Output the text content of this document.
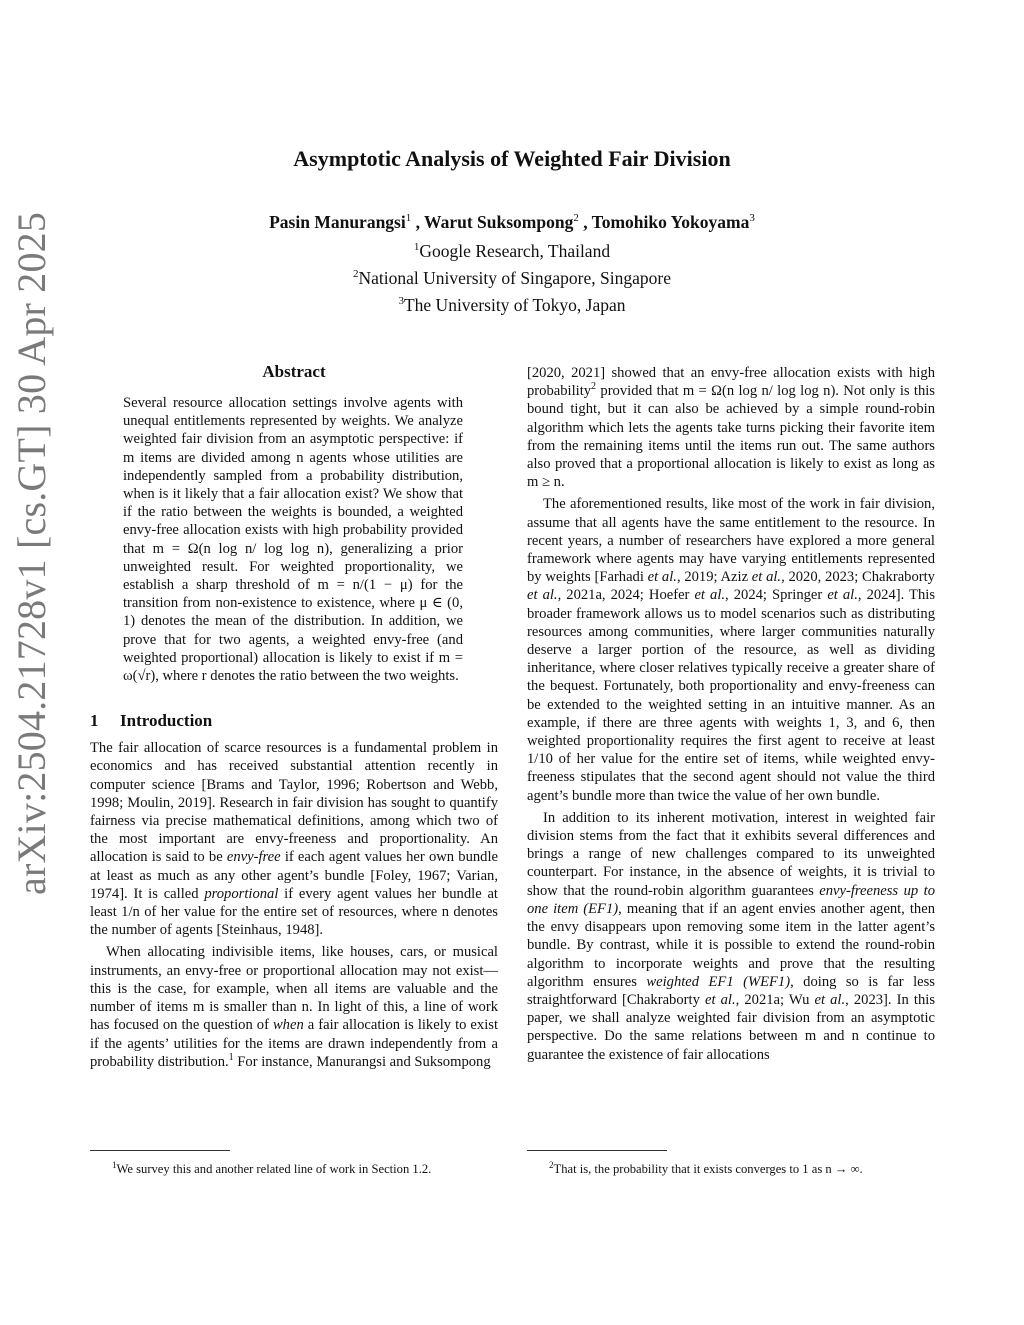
arXiv:2504.21728v1 [cs.GT] 30 Apr 2025
Asymptotic Analysis of Weighted Fair Division
Pasin Manurangsi$^1$ , Warut Suksompong$^2$ , Tomohiko Yokoyama$^3$
$^1$Google Research, Thailand
$^2$National University of Singapore, Singapore
$^3$The University of Tokyo, Japan
Abstract
Several resource allocation settings involve agents with unequal entitlements represented by weights. We analyze weighted fair division from an asymptotic perspective: if m items are divided among n agents whose utilities are independently sampled from a probability distribution, when is it likely that a fair allocation exist? We show that if the ratio between the weights is bounded, a weighted envy-free allocation exists with high probability provided that m = Ω(n log n/ log log n), generalizing a prior unweighted result. For weighted proportionality, we establish a sharp threshold of m = n/(1 − μ) for the transition from non-existence to existence, where μ ∈ (0, 1) denotes the mean of the distribution. In addition, we prove that for two agents, a weighted envy-free (and weighted proportional) allocation is likely to exist if m = ω(√r), where r denotes the ratio between the two weights.
1 Introduction
The fair allocation of scarce resources is a fundamental problem in economics and has received substantial attention recently in computer science [Brams and Taylor, 1996; Robertson and Webb, 1998; Moulin, 2019]. Research in fair division has sought to quantify fairness via precise mathematical definitions, among which two of the most important are envy-freeness and proportionality. An allocation is said to be envy-free if each agent values her own bundle at least as much as any other agent’s bundle [Foley, 1967; Varian, 1974]. It is called proportional if every agent values her bundle at least 1/n of her value for the entire set of resources, where n denotes the number of agents [Steinhaus, 1948].
When allocating indivisible items, like houses, cars, or musical instruments, an envy-free or proportional allocation may not exist—this is the case, for example, when all items are valuable and the number of items m is smaller than n. In light of this, a line of work has focused on the question of when a fair allocation is likely to exist if the agents’ utilities for the items are drawn independently from a probability distribution.$^1$ For instance, Manurangsi and Suksompong
[2020, 2021] showed that an envy-free allocation exists with high probability$^2$ provided that m = Ω(n log n/ log log n). Not only is this bound tight, but it can also be achieved by a simple round-robin algorithm which lets the agents take turns picking their favorite item from the remaining items until the items run out. The same authors also proved that a proportional allocation is likely to exist as long as m ≥ n.
The aforementioned results, like most of the work in fair division, assume that all agents have the same entitlement to the resource. In recent years, a number of researchers have explored a more general framework where agents may have varying entitlements represented by weights [Farhadi et al., 2019; Aziz et al., 2020, 2023; Chakraborty et al., 2021a, 2024; Hoefer et al., 2024; Springer et al., 2024]. This broader framework allows us to model scenarios such as distributing resources among communities, where larger communities naturally deserve a larger portion of the resource, as well as dividing inheritance, where closer relatives typically receive a greater share of the bequest. Fortunately, both proportionality and envy-freeness can be extended to the weighted setting in an intuitive manner. As an example, if there are three agents with weights 1, 3, and 6, then weighted proportionality requires the first agent to receive at least 1/10 of her value for the entire set of items, while weighted envy-freeness stipulates that the second agent should not value the third agent’s bundle more than twice the value of her own bundle.
In addition to its inherent motivation, interest in weighted fair division stems from the fact that it exhibits several differences and brings a range of new challenges compared to its unweighted counterpart. For instance, in the absence of weights, it is trivial to show that the round-robin algorithm guarantees envy-freeness up to one item (EF1), meaning that if an agent envies another agent, then the envy disappears upon removing some item in the latter agent’s bundle. By contrast, while it is possible to extend the round-robin algorithm to incorporate weights and prove that the resulting algorithm ensures weighted EF1 (WEF1), doing so is far less straightforward [Chakraborty et al., 2021a; Wu et al., 2023]. In this paper, we shall analyze weighted fair division from an asymptotic perspective. Do the same relations between m and n continue to guarantee the existence of fair allocations
$^1$We survey this and another related line of work in Section 1.2.	$^2$That is, the probability that it exists converges to 1 as n → ∞.
